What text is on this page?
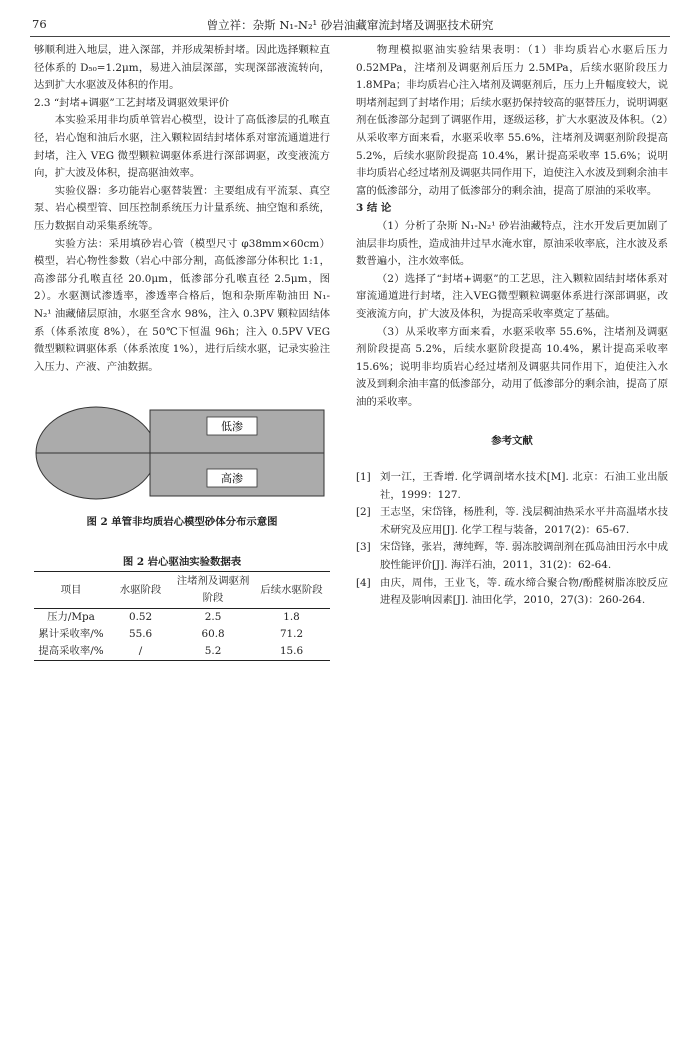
76	曾立祥：杂斯 N₁-N₂¹ 砂岩油藏窜流封堵及调驱技术研究

够顺利进入地层，进入深部，并形成架桥封堵。因此选择颗粒直径体系的 D₅₀=1.2μm，易进入油层深部，实现深部液流转向，达到扩大水驱波及体积的作用。

2.3 “封堵+调驱”工艺封堵及调驱效果评价

本实验采用非均质单管岩心模型，设计了高低渗层的孔喉直径，岩心饱和油后水驱，注入颗粒固结封堵体系对窜流通道进行封堵，注入 VEG 微型颗粒调驱体系进行深部调驱，改变液流方向，扩大波及体积，提高驱油效率。

实验仪器：多功能岩心驱替装置：主要组成有平流泵、真空泵、岩心模型管、回压控制系统压力计量系统、抽空饱和系统，压力数据自动采集系统等。

实验方法：采用填砂岩心管（模型尺寸 φ38mm×60cm）模型，岩心物性参数（岩心中部分割，高低渗部分体积比 1:1，高渗部分孔喉直径 20.0μm，低渗部分孔喉直径 2.5μm，图 2）。水驱测试渗透率，渗透率合格后，饱和杂斯库勒油田 N₁-N₂¹ 油藏储层原油，水驱至含水 98%，注入 0.3PV 颗粒固结体系（体系浓度 8%），在 50℃下恒温 96h；注入 0.5PV VEG 微型颗粒调驱体系（体系浓度 1%），进行后续水驱，记录实验注入压力、产液、产油数据。

低渗
高渗
图 2 单管非均质岩心模型砂体分布示意图
图 2 岩心驱油实验数据表
项目	水驱阶段	注堵剂及调驱剂阶段	后续水驱阶段
压力/Mpa	0.52	2.5	1.8
累计采收率/%	55.6	60.8	71.2
提高采收率/%	/	5.2	15.6

物理模拟驱油实验结果表明：（1）非均质岩心水驱后压力 0.52MPa，注堵剂及调驱剂后压力 2.5MPa，后续水驱阶段压力 1.8MPa；非均质岩心注入堵剂及调驱剂后，压力上升幅度较大，说明堵剂起到了封堵作用；后续水驱扔保持较高的驱替压力，说明调驱剂在低渗部分起到了调驱作用，逐级运移，扩大水驱波及体积。（2）从采收率方面来看，水驱采收率 55.6%，注堵剂及调驱剂阶段提高 5.2%，后续水驱阶段提高 10.4%，累计提高采收率 15.6%；说明非均质岩心经过堵剂及调驱共同作用下，迫使注入水波及到剩余油丰富的低渗部分，动用了低渗部分的剩余油，提高了原油的采收率。

3 结 论

（1）分析了杂斯 N₁-N₂¹ 砂岩油藏特点，注水开发后更加剧了油层非均质性，造成油井过早水淹水窜，原油采收率底，注水波及系数普遍小，注水效率低。

（2）选择了“封堵+调驱”的工艺思，注入颗粒固结封堵体系对窜流通道进行封堵，注入VEG微型颗粒调驱体系进行深部调驱，改变液流方向，扩大波及体积，为提高采收率奠定了基础。

（3）从采收率方面来看，水驱采收率 55.6%，注堵剂及调驱剂阶段提高 5.2%，后续水驱阶段提高 10.4%，累计提高采收率 15.6%；说明非均质岩心经过堵剂及调驱共同作用下，迫使注入水波及到剩余油丰富的低渗部分，动用了低渗部分的剩余油，提高了原油的采收率。

参考文献
[1] 刘一江，王香增. 化学调剖堵水技术[M]. 北京：石油工业出版社，1999：127.
[2] 王志坚，宋岱锋，杨胜利，等. 浅层稠油热采水平井高温堵水技术研究及应用[J]. 化学工程与装备，2017(2)：65-67.
[3] 宋岱锋，张岩，薄纯辉，等. 弱冻胶调剖剂在孤岛油田污水中成胶性能评价[J]. 海洋石油，2011，31(2)：62-64.
[4] 由庆，周伟，王业飞，等. 疏水缔合聚合物/酚醛树脂冻胶反应进程及影响因素[J]. 油田化学，2010，27(3)：260-264.
